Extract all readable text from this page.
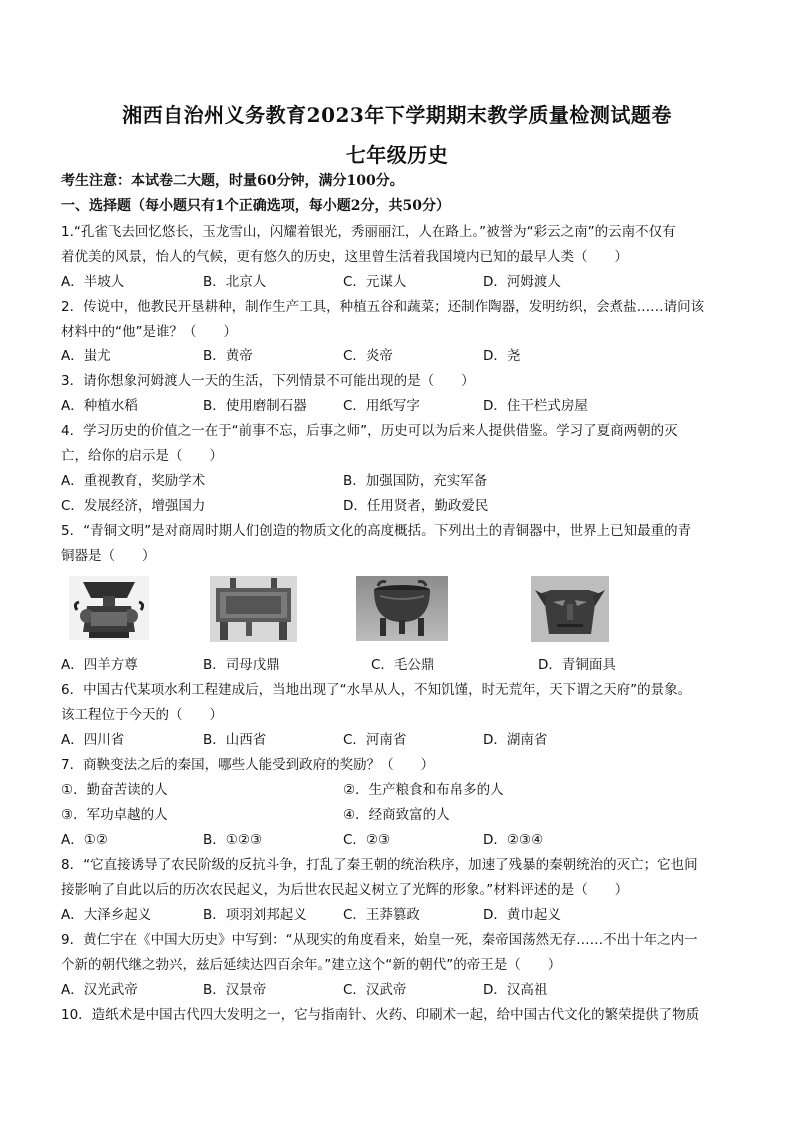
湘西自治州义务教育2023年下学期期末教学质量检测试题卷
七年级历史
考生注意：本试卷二大题，时量60分钟，满分100分。
一、选择题（每小题只有1个正确选项，每小题2分，共50分）
1.“孔雀飞去回忆悠长，玉龙雪山，闪耀着银光，秀丽丽江，人在路上。”被誉为“彩云之南”的云南不仅有
着优美的风景，怡人的气候，更有悠久的历史，这里曾生活着我国境内已知的最早人类（　　）
A．半坡人	B．北京人	C．元谋人	D．河姆渡人
2．传说中，他教民开垦耕种，制作生产工具，种植五谷和蔬菜；还制作陶器，发明纺织，会煮盐……请问该
材料中的“他”是谁？（　　）
A．蚩尤	B．黄帝	C．炎帝	D．尧
3．请你想象河姆渡人一天的生活，下列情景不可能出现的是（　　）
A．种植水稻	B．使用磨制石器	C．用纸写字	D．住干栏式房屋
4．学习历史的价值之一在于“前事不忘，后事之师”，历史可以为后来人提供借鉴。学习了夏商两朝的灭
亡，给你的启示是（　　）
A．重视教育，奖励学术	B．加强国防，充实军备
C．发展经济，增强国力	D．任用贤者，勤政爱民
5．“青铜文明”是对商周时期人们创造的物质文化的高度概括。下列出土的青铜器中，世界上已知最重的青
铜器是（　　）
A．四羊方尊	B．司母戊鼎	C．毛公鼎	D．青铜面具
6．中国古代某项水利工程建成后，当地出现了“水旱从人，不知饥馑，时无荒年，天下谓之天府”的景象。
该工程位于今天的（　　）
A．四川省	B．山西省	C．河南省	D．湖南省
7．商鞅变法之后的秦国，哪些人能受到政府的奖励？（　　）
①．勤奋苦读的人	②．生产粮食和布帛多的人
③．军功卓越的人	④．经商致富的人
A．①②	B．①②③	C．②③	D．②③④
8．“它直接诱导了农民阶级的反抗斗争，打乱了秦王朝的统治秩序，加速了残暴的秦朝统治的灭亡；它也间
接影响了自此以后的历次农民起义，为后世农民起义树立了光辉的形象。”材料评述的是（　　）
A．大泽乡起义	B．项羽刘邦起义	C．王莽篡政	D．黄巾起义
9．黄仁宇在《中国大历史》中写到：“从现实的角度看来，始皇一死，秦帝国荡然无存……不出十年之内一
个新的朝代继之勃兴，兹后延续达四百余年。”建立这个“新的朝代”的帝王是（　　）
A．汉光武帝	B．汉景帝	C．汉武帝	D．汉高祖
10．造纸术是中国古代四大发明之一，它与指南针、火药、印刷术一起，给中国古代文化的繁荣提供了物质
